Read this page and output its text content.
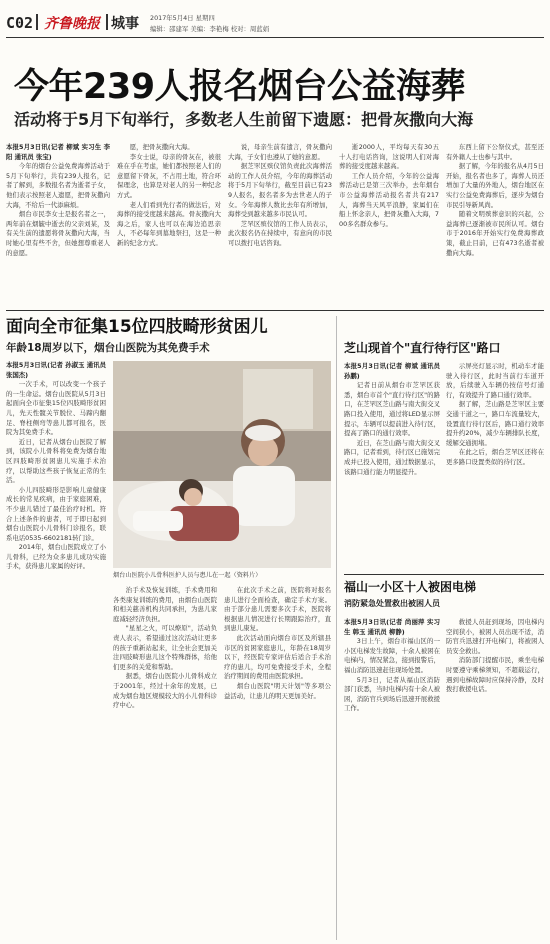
C02 齐鲁晚报 城事 2017年5月4日 星期四
编辑：邵建军 美编：李艳梅 校对：周蓝娟
今年239人报名烟台公益海葬
活动将于5月下旬举行，多数老人生前留下遗愿：把骨灰撒向大海

本报5月3日讯(记者 柳斌 实习生 李阳 通讯员 张宝)

今年的烟台公益免费海葬活动于5月下旬举行，共有239人报名，记者了解到，多数报名者为逝者子女，他们表示按照老人遗愿，把骨灰撒向大海，不给后一代添麻烦。

烟台市民李女士是报名者之一，两年前在烟毓中逝去的父亲刘某，及有关生前的遗愿将骨灰撒向大海，当时她心里有些不舍，但她想尊重老人的意愿。

愿，把骨灰撒向大海。

李女士说，母亲的骨灰在，被很难在乎在考虑，她们都按照老人们的意愿留下骨灰，不占用土地，符合环保理念，也算是对老人的另一种纪念方式。

老人们看到先行者的做法后，对海葬的接受度越来越高。骨灰撒向大海之后，家人也可以在海边追思亲人，不必每年到墓地祭扫，这是一种新的纪念方式。

说，母亲生前有遗言，骨灰撒向大海，子女们也遵从了她的意愿。

据芝罘区殡仪馆负责此次海葬活动的工作人员介绍，今年的海葬活动将于5月下旬举行，截至目前已有239人报名，报名者多为去世老人的子女。今年海葬人数比去年有所增加，海葬受到越来越多市民认可。

芝罘区殡仪馆的工作人员表示，此次报名仍在持续中，有意向的市民可以拨打电话咨询。

逝2000人，平均每天有30五十人打电话咨询，这说明人们对海葬的接受度越来越高。

工作人员介绍，今年的公益海葬活动已是第三次举办，去年烟台市公益海葬活动报名者共有217人，海葬当天风平浪静，家属们在船上怀念亲人，把骨灰撒入大海，700多名群众参与。

东西上留下公祭仪式，甚至还有外籍人士也参与其中。

据了解，今年的报名从4月5日开始，报名者也多了，海葬人员还增加了大量的外地人，烟台地区在实行公益免费海葬后，逐步为烟台市民引导新风尚。

随着文明殡葬意识的兴起，公益海葬已逐渐被市民所认可。烟台市于2016年开始实行免费海葬政策，截止目前，已有473名逝者被撒向大海。

面向全市征集15位四肢畸形贫困儿
年龄18周岁以下，烟台山医院为其免费手术

本报5月3日讯(记者 孙淑玉 通讯员 张国杰)

一次手术，可以改变一个孩子的一生命运。烟台山医院从5月3日起面向全市征集15位四肢畸形贫困儿，先天性髋关节脱位、马蹄内翻足、脊柱侧弯等患儿都可报名，医院为其免费手术。

近日，记者从烟台山医院了解到，该院小儿骨科将免费为烟台地区四肢畸形贫困患儿实施手术治疗，以帮助这些孩子恢复正常的生活。

小儿四肢畸形是影响儿童健康成长的常见疾病，由于家庭困难，不少患儿错过了最佳治疗时机。符合上述条件的患者，可于即日起到烟台山医院小儿骨科门诊报名，联系电话0535-6602181转门诊。

2014年，烟台山医院成立了小儿骨科，已经为众多患儿成功实施手术，获得患儿家属的好评。

烟台山医院小儿骨科医护人员与患儿在一起（资料片）

治手术及恢复训练，手术费用和各类康复训练的费用，由烟台山医院和相关慈善机构共同承担，为患儿家庭减轻经济负担。

"星星之火，可以燎原"，活动负责人表示，希望通过这次活动让更多的孩子重新站起来，让全社会更加关注四肢畸形患儿这个特殊群体，给他们更多的关爱和帮助。

据悉，烟台山医院小儿骨科成立于2001年，经过十余年的发展，已成为烟台地区规模较大的小儿骨科诊疗中心。

在此次手术之前，医院将对报名患儿进行全面检查，确定手术方案。由于部分患儿需要多次手术，医院将根据患儿情况进行长期跟踪治疗，直到患儿康复。

此次活动面向烟台市区及所辖县市区的贫困家庭患儿，年龄在18周岁以下，经医院专家评估后适合手术治疗的患儿，均可免费接受手术，全程治疗期间的费用由医院承担。

烟台山医院"明天计划"等多项公益活动，让患儿的明天更加美好。

芝山现首个"直行待行区"路口

本报5月3日讯(记者 柳斌 通讯员 孙鹏)

记者日前从烟台市芝罘区获悉，烟台市首个"直行待行区"的路口，在芝罘区芝山路与南大街交叉路口投入使用，通过将LED显示屏提示，车辆可以提前进入待行区，提高了路口的通行效率。

近日，在芝山路与南大街交叉路口，记者看到，待行区已施划完成并已投入使用，通过数据显示，该路口通行能力明显提升。

示屏亮灯显示时，机动车才能驶入待行区，此时当前行车道开放，后续驶入车辆仍按信号灯通行，有效提升了路口通行效率。

据了解，芝山路是芝罘区主要交通干道之一，路口车流量较大，设置直行待行区后，路口通行效率提升约20%，减少车辆排队长度，缓解交通拥堵。

在此之后，烟台芝罘区还将在更多路口设置类似的待行区。

福山一小区十人被困电梯
消防紧急处置救出被困人员

本报5月3日讯(记者 尚丽萍 实习生 韩玉 通讯员 柳静)

3日上午，烟台市福山区的一小区电梯发生故障，十余人被困在电梯内，情况紧急，接到报警后，福山消防迅速赶往现场处置。

5月3日，记者从福山区消防部门获悉，当时电梯内有十余人被困，消防官兵到场后迅速开展救援工作。

救援人员赶到现场，因电梯内空间狭小，被困人员出现不适，消防官兵迅速打开电梯门，将被困人员安全救出。

消防部门提醒市民，乘坐电梯时要遵守乘梯须知，不超载运行，遇到电梯故障时应保持冷静，及时拨打救援电话。
